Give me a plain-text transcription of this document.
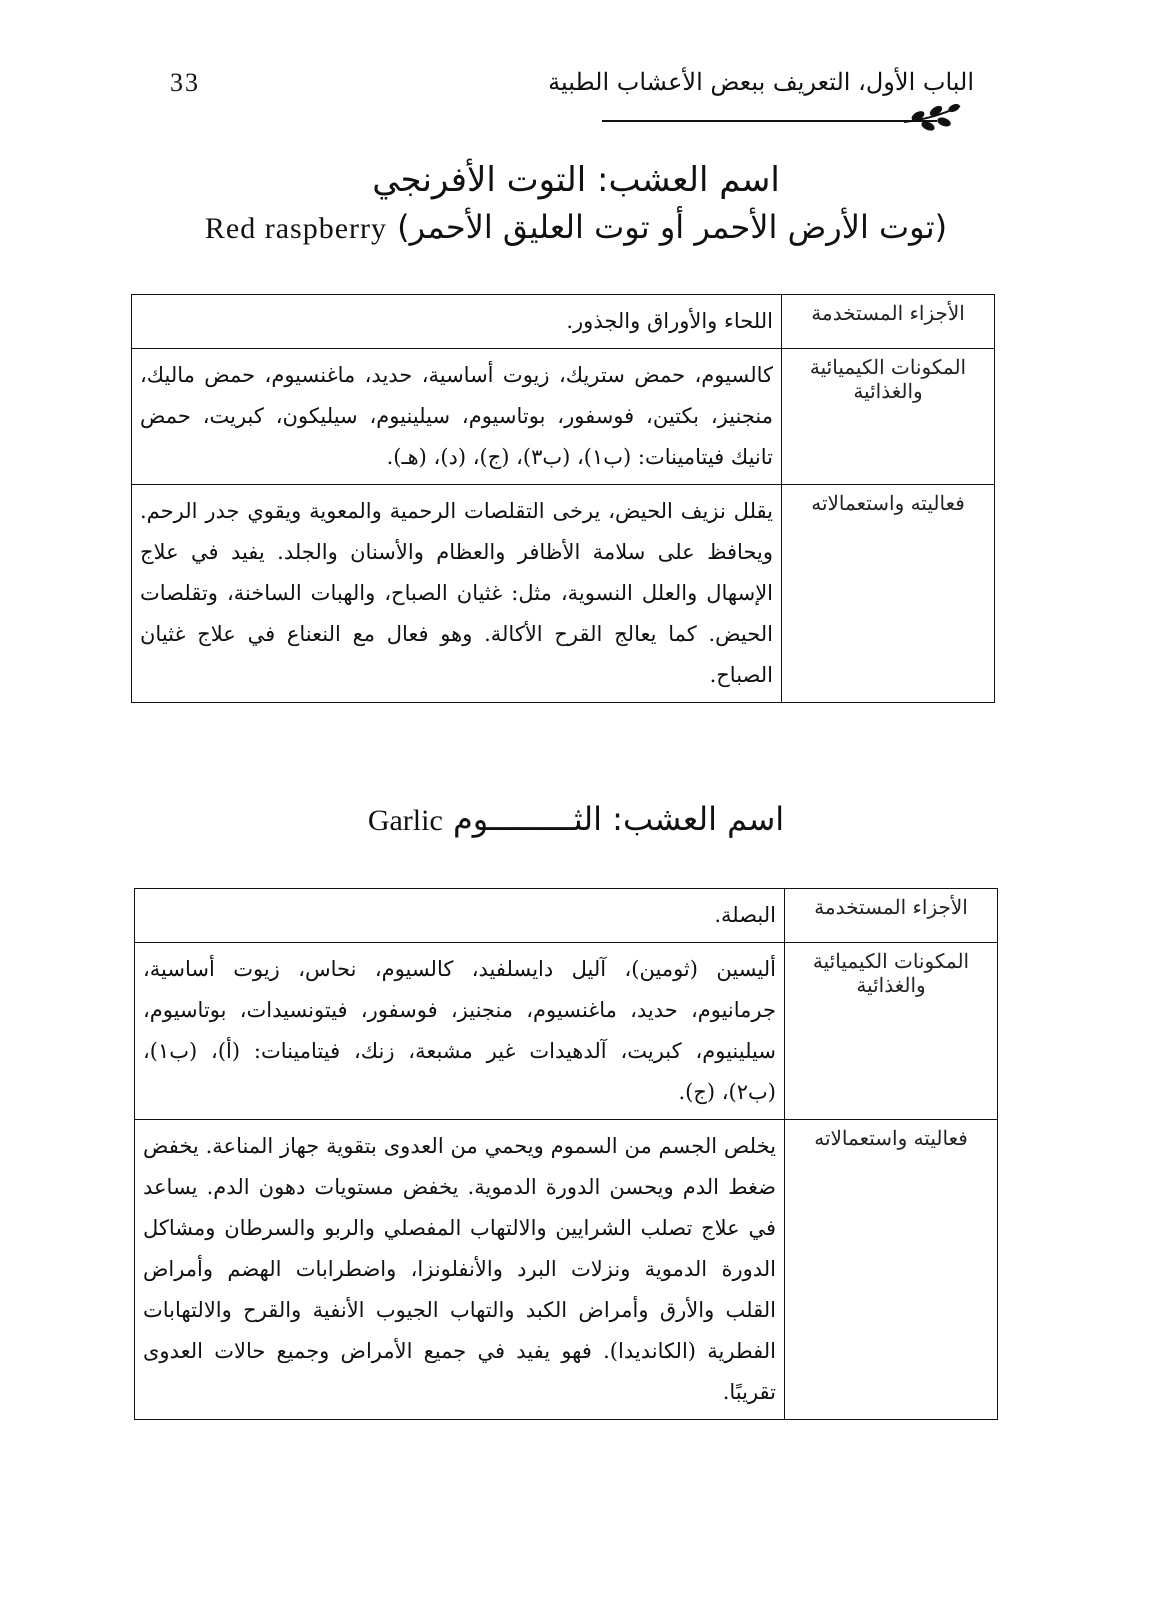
33	الباب الأول، التعريف ببعض الأعشاب الطبية
اسم العشب: التوت الأفرنجي
(توت الأرض الأحمر أو توت العليق الأحمر) Red raspberry
الأجزاء المستخدمة	اللحاء والأوراق والجذور.
المكونات الكيميائية والغذائية	كالسيوم، حمض ستريك، زيوت أساسية، حديد، ماغنسيوم، حمض ماليك، منجنيز، بكتين، فوسفور، بوتاسيوم، سيلينيوم، سيليكون، كبريت، حمض تانيك فيتامينات: (ب١)، (ب٣)، (ج)، (د)، (هـ).
فعاليته واستعمالاته	يقلل نزيف الحيض، يرخى التقلصات الرحمية والمعوية ويقوي جدر الرحم. ويحافظ على سلامة الأظافر والعظام والأسنان والجلد. يفيد في علاج الإسهال والعلل النسوية، مثل: غثيان الصباح، والهبات الساخنة، وتقلصات الحيض. كما يعالج القرح الأكالة. وهو فعال مع النعناع في علاج غثيان الصباح.
اسم العشب: الثـــــــــوم Garlic
الأجزاء المستخدمة	البصلة.
المكونات الكيميائية والغذائية	أليسين (ثومين)، آليل دايسلفيد، كالسيوم، نحاس، زيوت أساسية، جرمانيوم، حديد، ماغنسيوم، منجنيز، فوسفور، فيتونسيدات، بوتاسيوم، سيلينيوم، كبريت، آلدهيدات غير مشبعة، زنك، فيتامينات: (أ)، (ب١)، (ب٢)، (ج).
فعاليته واستعمالاته	يخلص الجسم من السموم ويحمي من العدوى بتقوية جهاز المناعة. يخفض ضغط الدم ويحسن الدورة الدموية. يخفض مستويات دهون الدم. يساعد في علاج تصلب الشرايين والالتهاب المفصلي والربو والسرطان ومشاكل الدورة الدموية ونزلات البرد والأنفلونزا، واضطرابات الهضم وأمراض القلب والأرق وأمراض الكبد والتهاب الجيوب الأنفية والقرح والالتهابات الفطرية (الكانديدا). فهو يفيد في جميع الأمراض وجميع حالات العدوى تقريبًا.
